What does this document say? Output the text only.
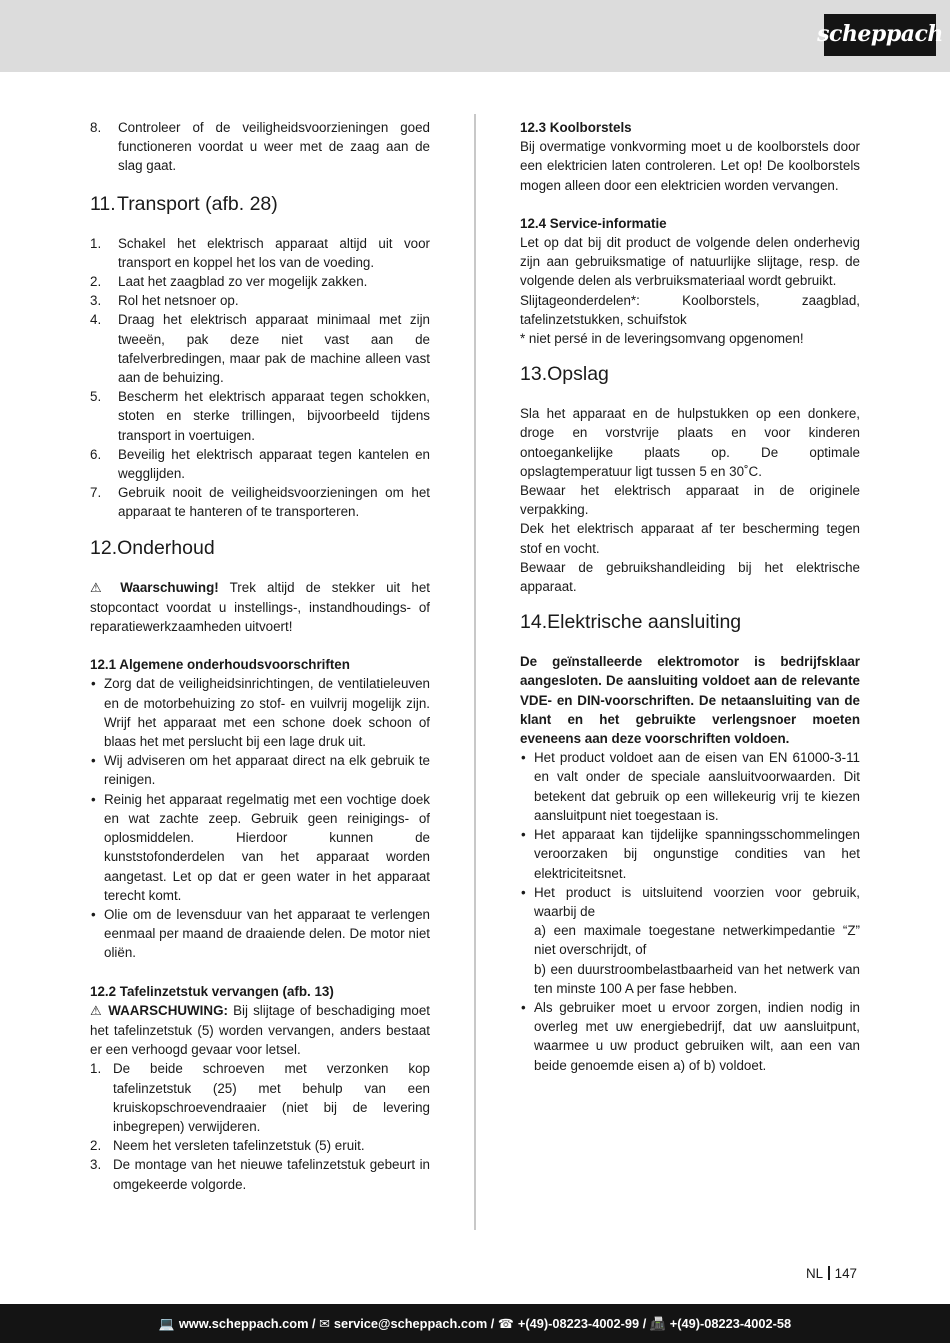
scheppach
8. Controleer of de veiligheidsvoorzieningen goed functioneren voordat u weer met de zaag aan de slag gaat.
11.Transport (afb. 28)
1. Schakel het elektrisch apparaat altijd uit voor transport en koppel het los van de voeding.
2. Laat het zaagblad zo ver mogelijk zakken.
3. Rol het netsnoer op.
4. Draag het elektrisch apparaat minimaal met zijn tweeën, pak deze niet vast aan de tafelverbredingen, maar pak de machine alleen vast aan de behuizing.
5. Bescherm het elektrisch apparaat tegen schokken, stoten en sterke trillingen, bijvoorbeeld tijdens transport in voertuigen.
6. Beveilig het elektrisch apparaat tegen kantelen en wegglijden.
7. Gebruik nooit de veiligheidsvoorzieningen om het apparaat te hanteren of te transporteren.
12.Onderhoud

⚠ Waarschuwing! Trek altijd de stekker uit het stopcontact voordat u instellings-, instandhoudings- of reparatiewerkzaamheden uitvoert!

12.1 Algemene onderhoudsvoorschriften
• Zorg dat de veiligheidsinrichtingen, de ventilatieleuven en de motorbehuizing zo stof- en vuilvrij mogelijk zijn. Wrijf het apparaat met een schone doek schoon of blaas het met perslucht bij een lage druk uit.
• Wij adviseren om het apparaat direct na elk gebruik te reinigen.
• Reinig het apparaat regelmatig met een vochtige doek en wat zachte zeep. Gebruik geen reinigings- of oplosmiddelen. Hierdoor kunnen de kunststofonderdelen van het apparaat worden aangetast. Let op dat er geen water in het apparaat terecht komt.
• Olie om de levensduur van het apparaat te verlengen eenmaal per maand de draaiende delen. De motor niet oliën.
12.2 Tafelinzetstuk vervangen (afb. 13)

⚠ WAARSCHUWING: Bij slijtage of beschadiging moet het tafelinzetstuk (5) worden vervangen, anders bestaat er een verhoogd gevaar voor letsel.

1. De beide schroeven met verzonken kop tafelinzetstuk (25) met behulp van een kruiskopschroevendraaier (niet bij de levering inbegrepen) verwijderen.
2. Neem het versleten tafelinzetstuk (5) eruit.
3. De montage van het nieuwe tafelinzetstuk gebeurt in omgekeerde volgorde.
12.3 Koolborstels

Bij overmatige vonkvorming moet u de koolborstels door een elektricien laten controleren. Let op! De koolborstels mogen alleen door een elektricien worden vervangen.

12.4 Service-informatie

Let op dat bij dit product de volgende delen onderhevig zijn aan gebruiksmatige of natuurlijke slijtage, resp. de volgende delen als verbruiksmateriaal wordt gebruikt.

Slijtageonderdelen*: Koolborstels, zaagblad, tafelinzetstukken, schuifstok

* niet persé in de leveringsomvang opgenomen!

13.Opslag

Sla het apparaat en de hulpstukken op een donkere, droge en vorstvrije plaats en voor kinderen ontoegankelijke plaats op. De optimale opslagtemperatuur ligt tussen 5 en 30˚C.

Bewaar het elektrisch apparaat in de originele verpakking.

Dek het elektrisch apparaat af ter bescherming tegen stof en vocht.

Bewaar de gebruikshandleiding bij het elektrische apparaat.

14.Elektrische aansluiting

De geïnstalleerde elektromotor is bedrijfsklaar aangesloten. De aansluiting voldoet aan de relevante VDE- en DIN-voorschriften. De netaansluiting van de klant en het gebruikte verlengsnoer moeten eveneens aan deze voorschriften voldoen.

• Het product voldoet aan de eisen van EN 61000-3-11 en valt onder de speciale aansluitvoorwaarden. Dit betekent dat gebruik op een willekeurig vrij te kiezen aansluitpunt niet toegestaan is.
• Het apparaat kan tijdelijke spanningsschommelingen veroorzaken bij ongunstige condities van het elektriciteitsnet.
• Het product is uitsluitend voorzien voor gebruik, waarbij de
a) een maximale toegestane netwerkimpedantie “Z” niet overschrijdt, of
b) een duurstroombelastbaarheid van het netwerk van ten minste 100 A per fase hebben.
• Als gebruiker moet u ervoor zorgen, indien nodig in overleg met uw energiebedrijf, dat uw aansluitpunt, waarmee u uw product gebruiken wilt, aan een van beide genoemde eisen a) of b) voldoet.
NL 147
💻 www.scheppach.com / ✉ service@scheppach.com / ☎ +(49)-08223-4002-99 / 📠 +(49)-08223-4002-58
